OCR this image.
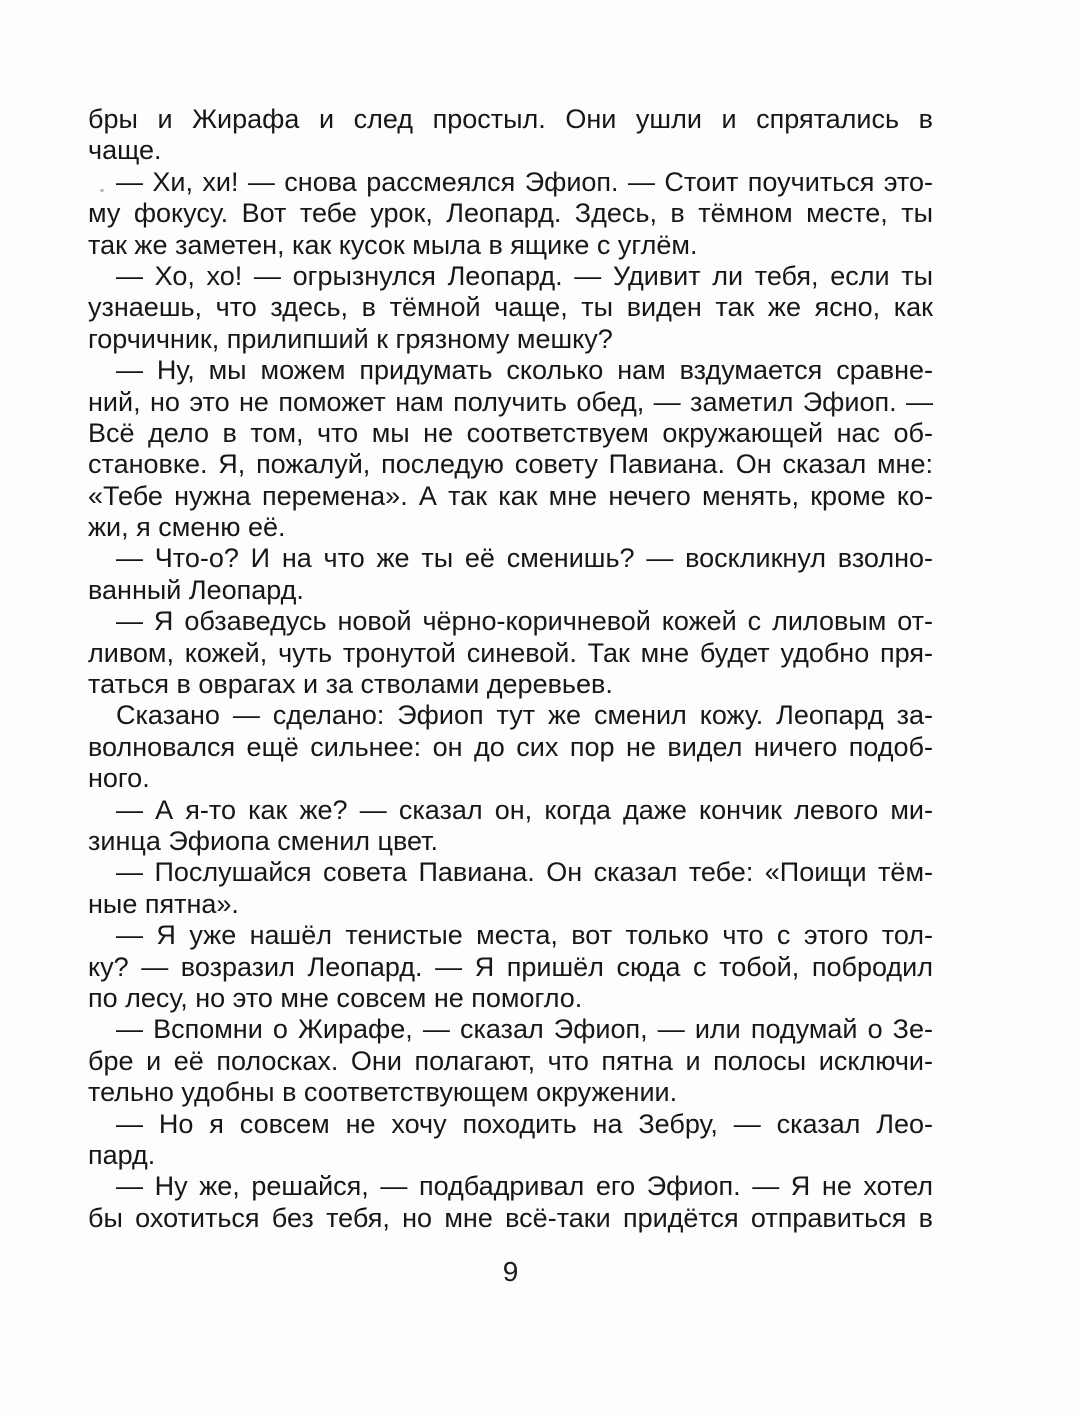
бры и Жирафа и след простыл. Они ушли и спрятались в
чаще.
— Хи, хи! — снова рассмеялся Эфиоп. — Стоит поучиться это-
му фокусу. Вот тебе урок, Леопард. Здесь, в тёмном месте, ты
так же заметен, как кусок мыла в ящике с углём.
— Хо, хо! — огрызнулся Леопард. — Удивит ли тебя, если ты
узнаешь, что здесь, в тёмной чаще, ты виден так же ясно, как
горчичник, прилипший к грязному мешку?
— Ну, мы можем придумать сколько нам вздумается сравне-
ний, но это не поможет нам получить обед, — заметил Эфиоп. —
Всё дело в том, что мы не соответствуем окружающей нас об-
становке. Я, пожалуй, последую совету Павиана. Он сказал мне:
«Тебе нужна перемена». А так как мне нечего менять, кроме ко-
жи, я сменю её.
— Что-о? И на что же ты её сменишь? — воскликнул взолно-
ванный Леопард.
— Я обзаведусь новой чёрно-коричневой кожей с лиловым от-
ливом, кожей, чуть тронутой синевой. Так мне будет удобно пря-
таться в оврагах и за стволами деревьев.
Сказано — сделано: Эфиоп тут же сменил кожу. Леопард за-
волновался ещё сильнее: он до сих пор не видел ничего подоб-
ного.
— А я-то как же? — сказал он, когда даже кончик левого ми-
зинца Эфиопа сменил цвет.
— Послушайся совета Павиана. Он сказал тебе: «Поищи тём-
ные пятна».
— Я уже нашёл тенистые места, вот только что с этого тол-
ку? — возразил Леопард. — Я пришёл сюда с тобой, побродил
по лесу, но это мне совсем не помогло.
— Вспомни о Жирафе, — сказал Эфиоп, — или подумай о Зе-
бре и её полосках. Они полагают, что пятна и полосы исключи-
тельно удобны в соответствующем окружении.
— Но я совсем не хочу походить на Зебру, — сказал Лео-
пард.
— Ну же, решайся, — подбадривал его Эфиоп. — Я не хотел
бы охотиться без тебя, но мне всё-таки придётся отправиться в
9
